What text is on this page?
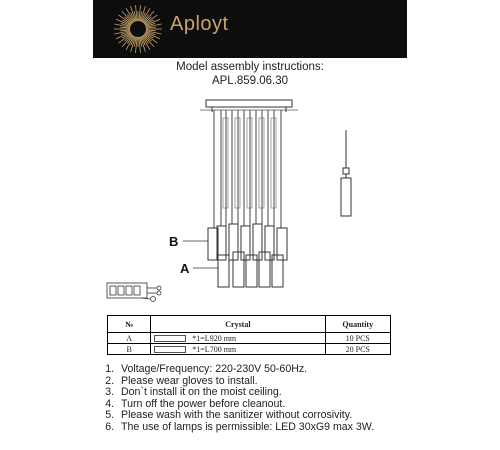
Aployt
Model assembly instructions:
APL.859.06.30
B
A
№	Crystal	Quantity
A	*1=L920 mm	10 PCS
B	*1=L700 mm	20 PCS
1. Voltage/Frequency: 220-230V 50-60Hz.
2. Please wear gloves to install.
3. Don`t install it on the moist ceiling.
4. Turn off the power before cleanout.
5. Please wash with the sanitizer without corrosivity.
6. The use of lamps is permissible: LED 30xG9 max 3W.
